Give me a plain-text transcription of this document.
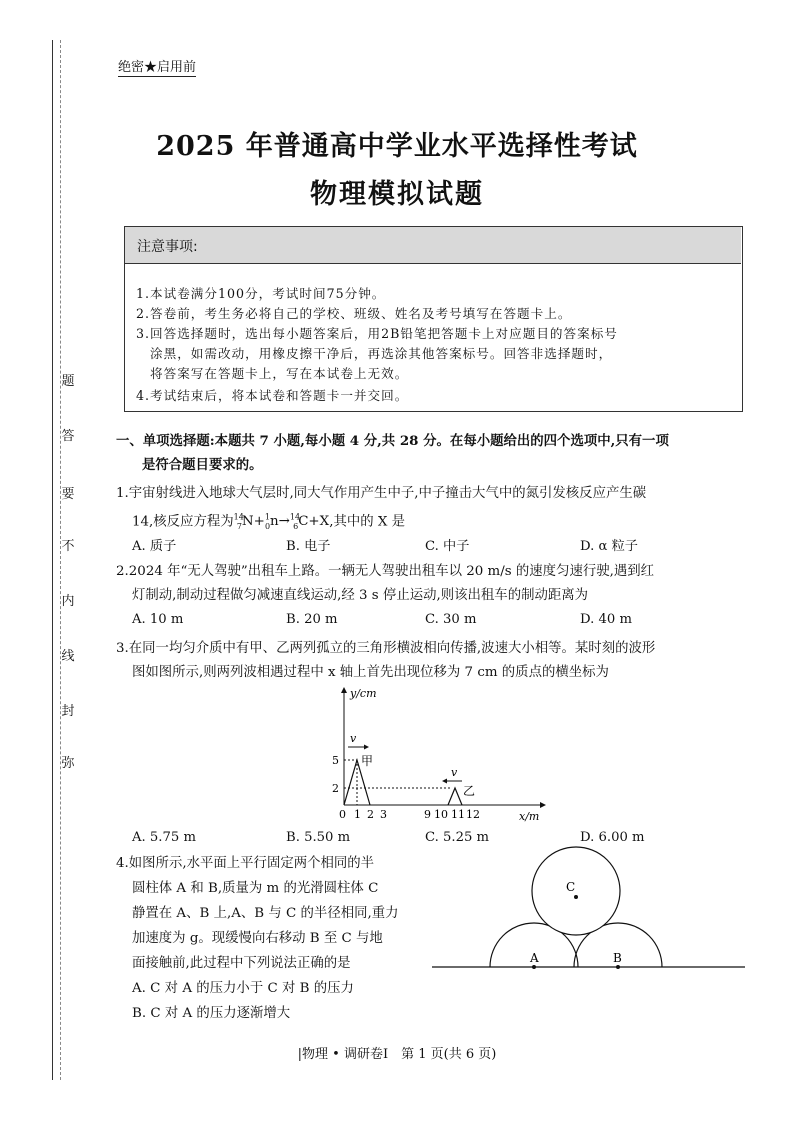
题
答
要
不
内
线
封
弥
绝密★启用前
2025 年普通高中学业水平选择性考试
物理模拟试题
注意事项:
1.本试卷满分100分，考试时间75分钟。
2.答卷前，考生务必将自己的学校、班级、姓名及考号填写在答题卡上。
3.回答选择题时，选出每小题答案后，用2B铅笔把答题卡上对应题目的答案标号
涂黑，如需改动，用橡皮擦干净后，再选涂其他答案标号。回答非选择题时，
将答案写在答题卡上，写在本试卷上无效。
4.考试结束后，将本试卷和答题卡一并交回。
一、单项选择题:本题共 7 小题,每小题 4 分,共 28 分。在每小题给出的四个选项中,只有一项
是符合题目要求的。
1.宇宙射线进入地球大气层时,同大气作用产生中子,中子撞击大气中的氮引发核反应产生碳
14,核反应方程为$^{14}_7$N+$^1_0$n→$^{14}_6$C+X,其中的 X 是
A. 质子	B. 电子	C. 中子	D. α 粒子
2.2024 年“无人驾驶”出租车上路。一辆无人驾驶出租车以 20 m/s 的速度匀速行驶,遇到红
灯制动,制动过程做匀减速直线运动,经 3 s 停止运动,则该出租车的制动距离为
A. 10 m	B. 20 m	C. 30 m	D. 40 m
3.在同一均匀介质中有甲、乙两列孤立的三角形横波相向传播,波速大小相等。某时刻的波形
图如图所示,则两列波相遇过程中 x 轴上首先出现位移为 7 cm 的质点的横坐标为
y/cm
x/m
甲
v
乙
v
5
2
0 1 2 3	9 10 11 12
A. 5.75 m	B. 5.50 m	C. 5.25 m	D. 6.00 m
4.如图所示,水平面上平行固定两个相同的半
圆柱体 A 和 B,质量为 m 的光滑圆柱体 C
静置在 A、B 上,A、B 与 C 的半径相同,重力
加速度为 g。现缓慢向右移动 B 至 C 与地
面接触前,此过程中下列说法正确的是
A. C 对 A 的压力小于 C 对 B 的压力
B. C 对 A 的压力逐渐增大
A	B
C
|物理 • 调研卷Ⅰ　第 1 页(共 6 页)
